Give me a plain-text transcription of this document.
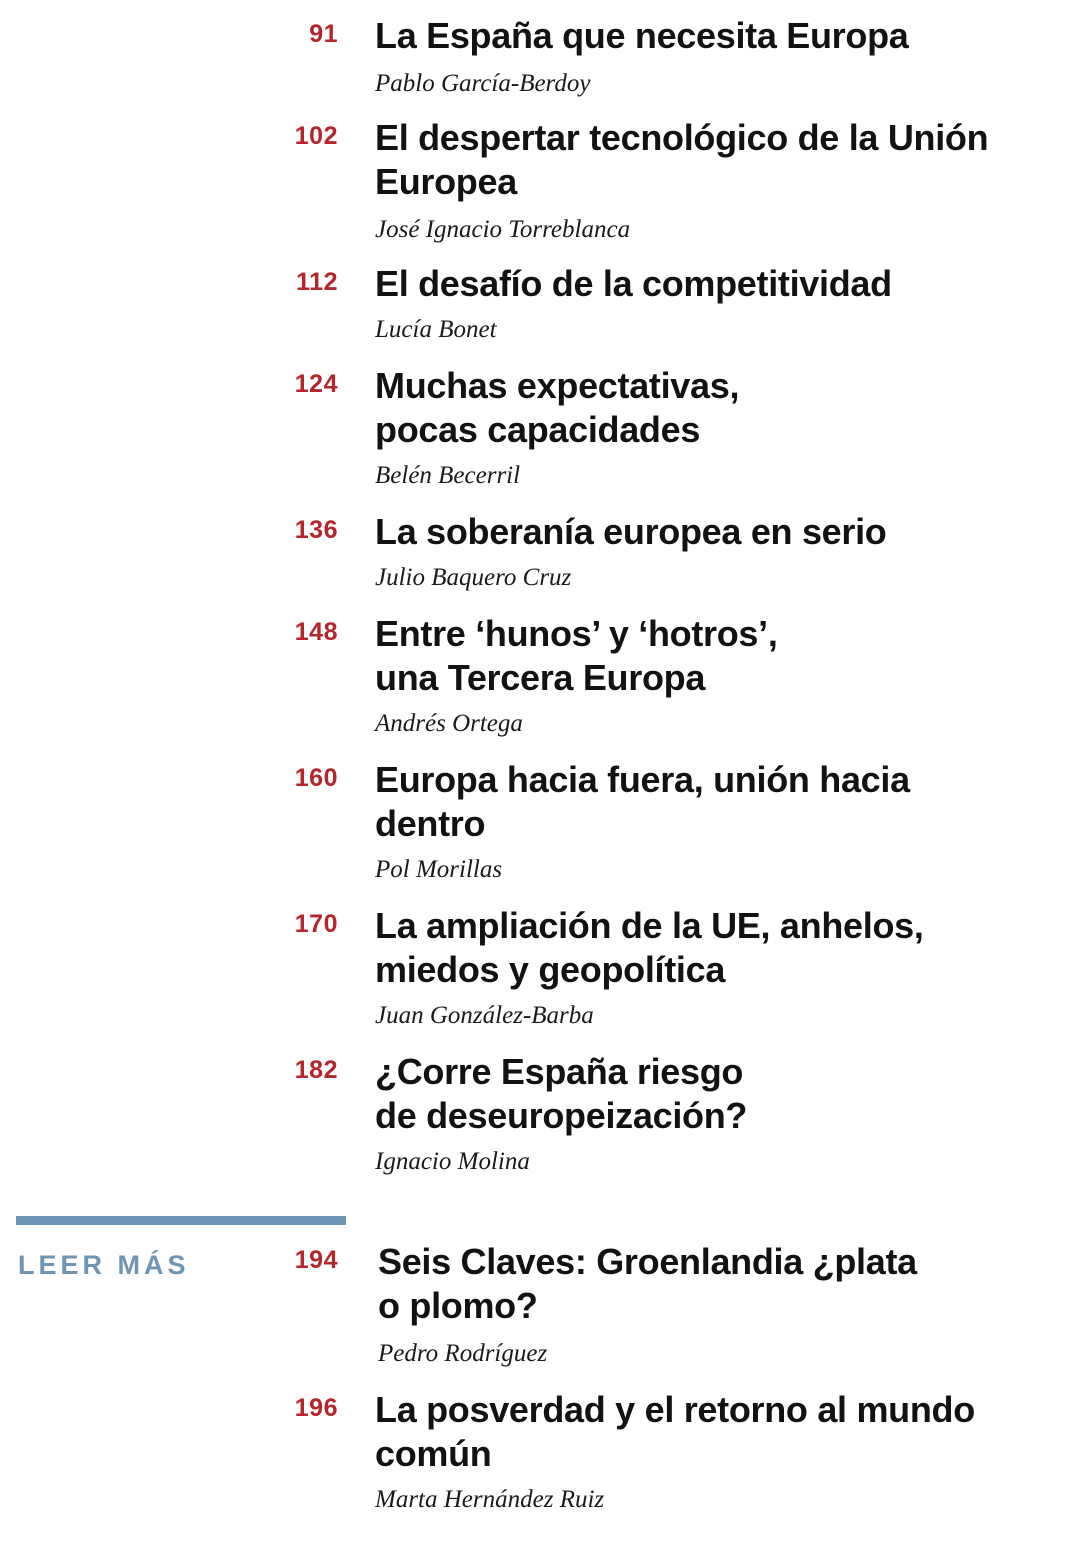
91 La España que necesita Europa
Pablo García-Berdoy
102 El despertar tecnológico de la Unión
Europea
José Ignacio Torreblanca
112 El desafío de la competitividad
Lucía Bonet
124 Muchas expectativas,
pocas capacidades
Belén Becerril
136 La soberanía europea en serio
Julio Baquero Cruz
148 Entre ‘hunos’ y ‘hotros’,
una Tercera Europa
Andrés Ortega
160 Europa hacia fuera, unión hacia
dentro
Pol Morillas
170 La ampliación de la UE, anhelos,
miedos y geopolítica
Juan González-Barba
182 ¿Corre España riesgo
de deseuropeización?
Ignacio Molina
LEER MÁS	194 Seis Claves: Groenlandia ¿plata
o plomo?
Pedro Rodríguez
196 La posverdad y el retorno al mundo
común
Marta Hernández Ruiz
